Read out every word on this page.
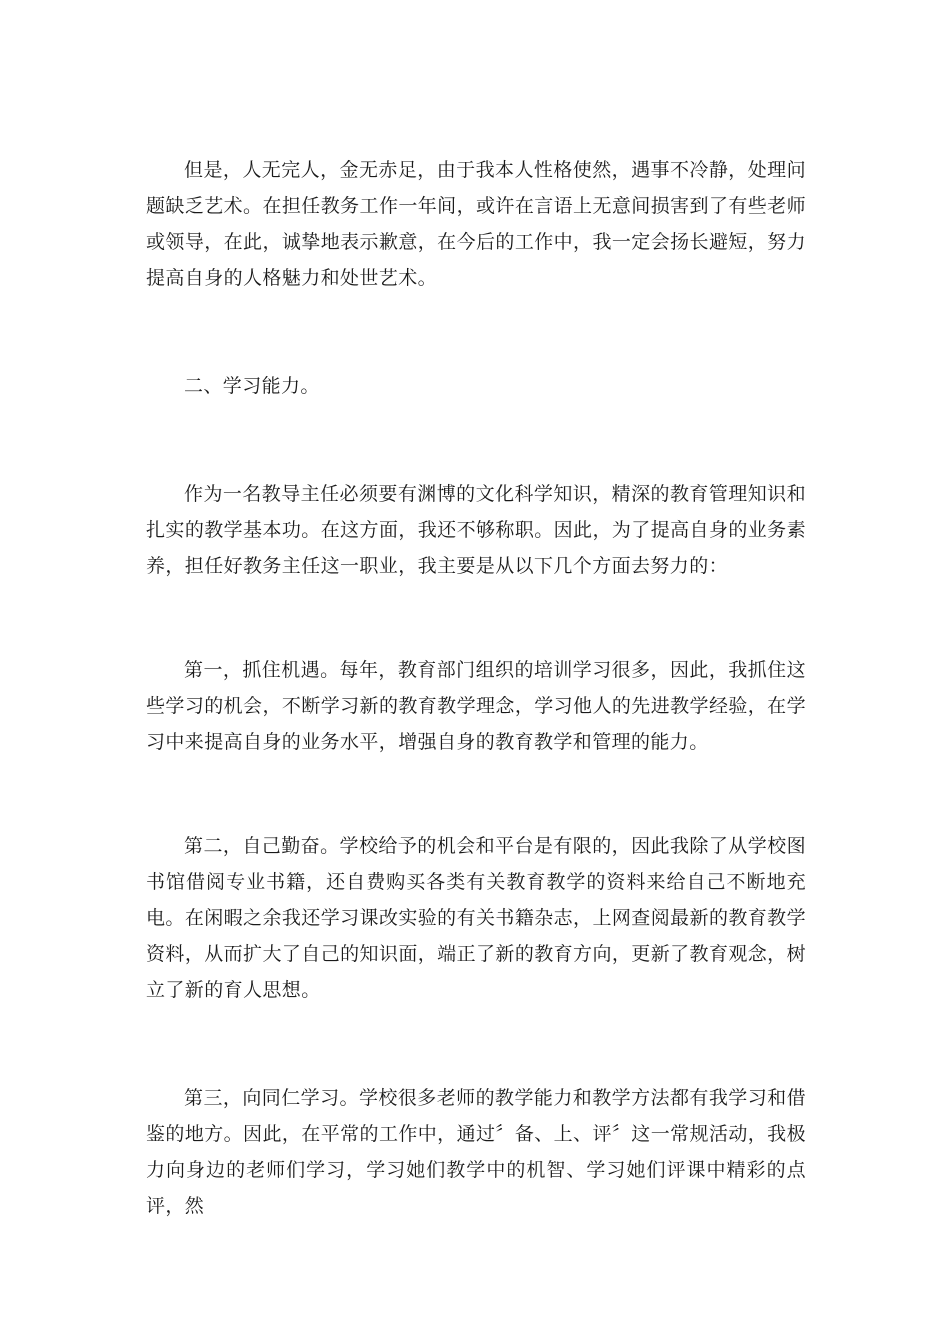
但是，人无完人，金无赤足，由于我本人性格使然，遇事不冷静，处理问题缺乏艺术。在担任教务工作一年间，或许在言语上无意间损害到了有些老师或领导，在此，诚挚地表示歉意，在今后的工作中，我一定会扬长避短，努力提高自身的人格魅力和处世艺术。

二、学习能力。

作为一名教导主任必须要有渊博的文化科学知识，精深的教育管理知识和扎实的教学基本功。在这方面，我还不够称职。因此，为了提高自身的业务素养，担任好教务主任这一职业，我主要是从以下几个方面去努力的：

第一，抓住机遇。每年，教育部门组织的培训学习很多，因此，我抓住这些学习的机会，不断学习新的教育教学理念，学习他人的先进教学经验，在学习中来提高自身的业务水平，增强自身的教育教学和管理的能力。

第二，自己勤奋。学校给予的机会和平台是有限的，因此我除了从学校图书馆借阅专业书籍，还自费购买各类有关教育教学的资料来给自己不断地充电。在闲暇之余我还学习课改实验的有关书籍杂志，上网查阅最新的教育教学资料，从而扩大了自己的知识面，端正了新的教育方向，更新了教育观念，树立了新的育人思想。

第三，向同仁学习。学校很多老师的教学能力和教学方法都有我学习和借鉴的地方。因此，在平常的工作中，通过〞备、上、评〞这一常规活动，我极力向身边的老师们学习，学习她们教学中的机智、学习她们评课中精彩的点评，然
